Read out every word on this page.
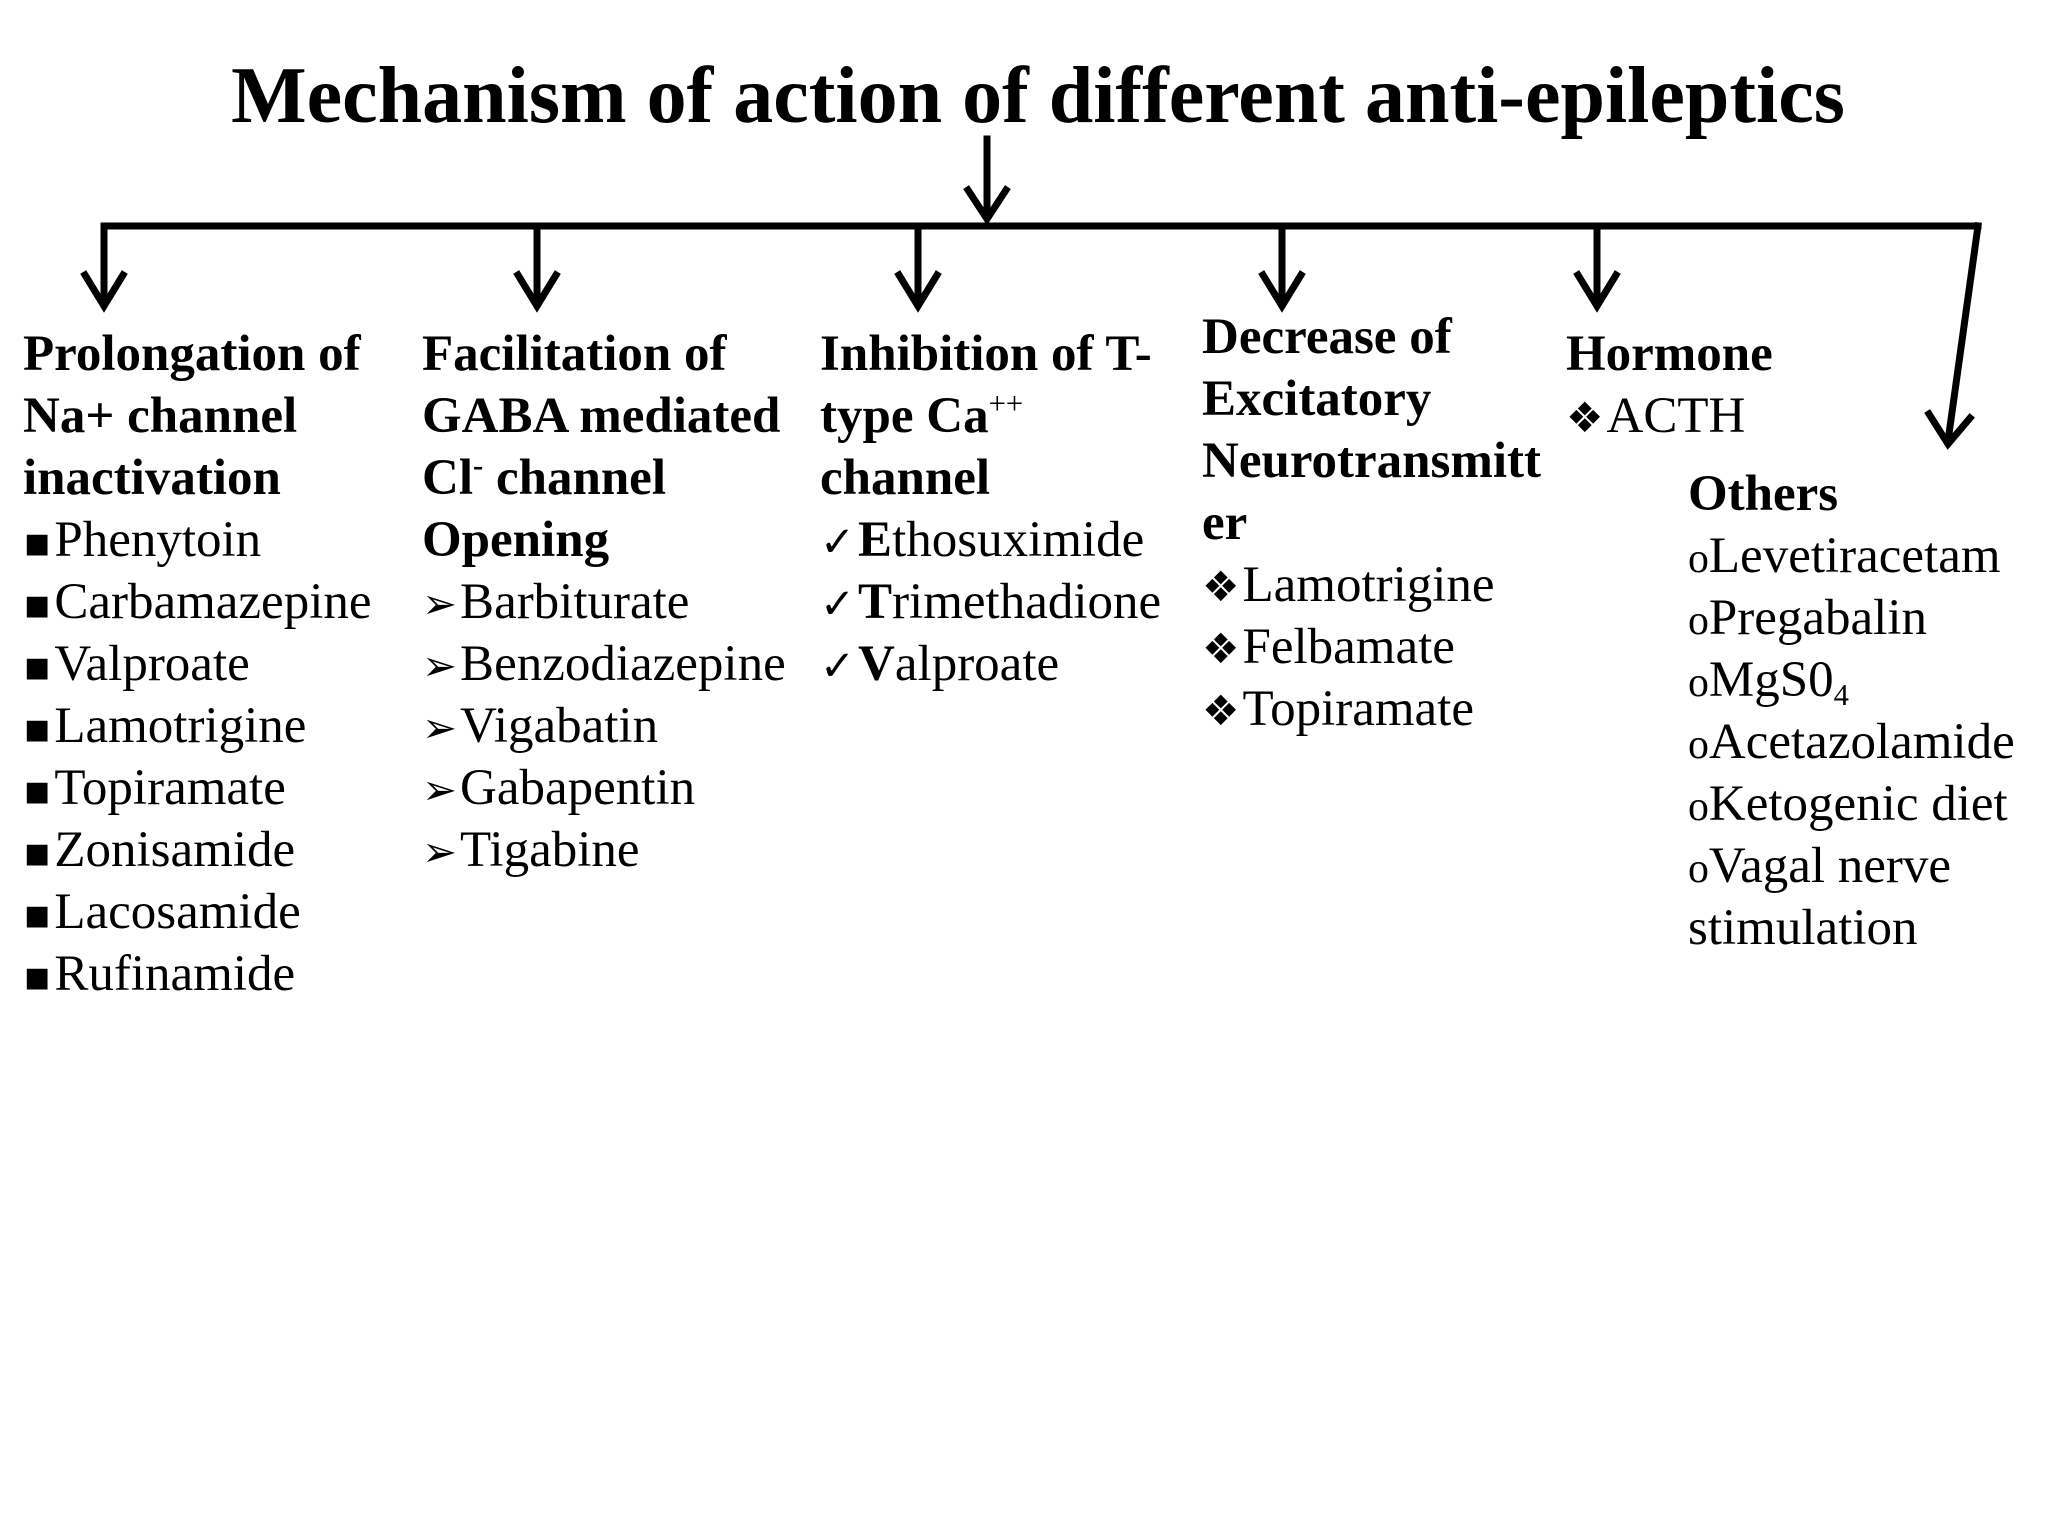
Mechanism of action of different anti-epileptics
Prolongation of
Na+ channel
inactivation
▪Phenytoin
▪Carbamazepine
▪Valproate
▪Lamotrigine
▪Topiramate
▪Zonisamide
▪Lacosamide
▪Rufinamide
Facilitation of
GABA mediated
Cl- channel
Opening
➢Barbiturate
➢Benzodiazepine
➢Vigabatin
➢Gabapentin
➢Tigabine
Inhibition of T-
type Ca++
channel
✓Ethosuximide
✓Trimethadione
✓Valproate
Decrease of
Excitatory
Neurotransmitt
er
❖Lamotrigine
❖Felbamate
❖Topiramate
Hormone
❖ACTH
Others
oLevetiracetam
oPregabalin
$oMgS0_4$
oAcetazolamide
oKetogenic diet
oVagal nerve
stimulation
